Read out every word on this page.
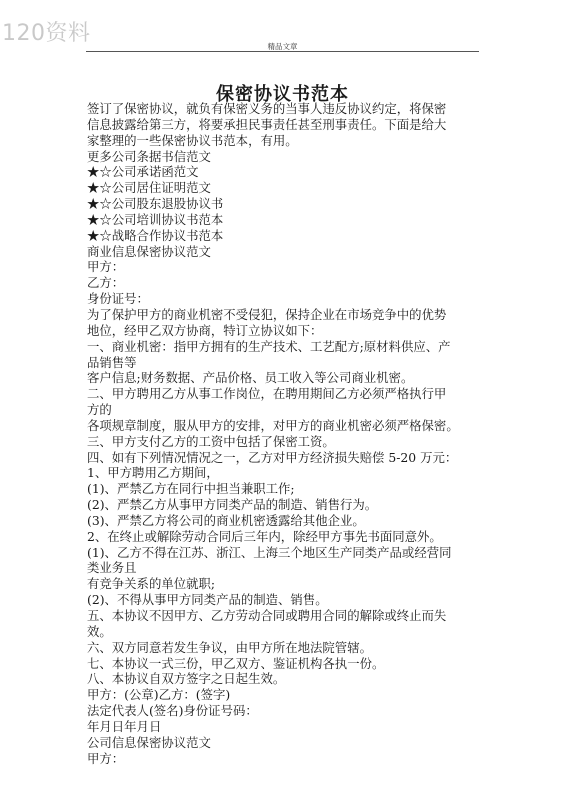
120资料
精品文章
保密协议书范本
签订了保密协议，就负有保密义务的当事人违反协议约定，将保密
信息披露给第三方，将要承担民事责任甚至刑事责任。下面是给大
家整理的一些保密协议书范本，有用。
更多公司条据书信范文
★☆公司承诺函范文
★☆公司居住证明范文
★☆公司股东退股协议书
★☆公司培训协议书范本
★☆战略合作协议书范本
商业信息保密协议范文
甲方：
乙方：
身份证号：
为了保护甲方的商业机密不受侵犯，保持企业在市场竞争中的优势
地位，经甲乙双方协商，特订立协议如下：
一、商业机密：指甲方拥有的生产技术、工艺配方;原材料供应、产
品销售等
客户信息;财务数据、产品价格、员工收入等公司商业机密。
二、甲方聘用乙方从事工作岗位，在聘用期间乙方必须严格执行甲
方的
各项规章制度，服从甲方的安排，对甲方的商业机密必须严格保密。
三、甲方支付乙方的工资中包括了保密工资。
四、如有下列情况情况之一，乙方对甲方经济损失赔偿 5-20 万元：
1、甲方聘用乙方期间，
(1)、严禁乙方在同行中担当兼职工作;
(2)、严禁乙方从事甲方同类产品的制造、销售行为。
(3)、严禁乙方将公司的商业机密透露给其他企业。
2、在终止或解除劳动合同后三年内，除经甲方事先书面同意外。
(1)、乙方不得在江苏、浙江、上海三个地区生产同类产品或经营同
类业务且
有竞争关系的单位就职;
(2)、不得从事甲方同类产品的制造、销售。
五、本协议不因甲方、乙方劳动合同或聘用合同的解除或终止而失
效。
六、双方同意若发生争议，由甲方所在地法院管辖。
七、本协议一式三份，甲乙双方、鉴证机构各执一份。
八、本协议自双方签字之日起生效。
甲方：(公章)乙方：(签字)
法定代表人(签名)身份证号码：
年月日年月日
公司信息保密协议范文
甲方：
